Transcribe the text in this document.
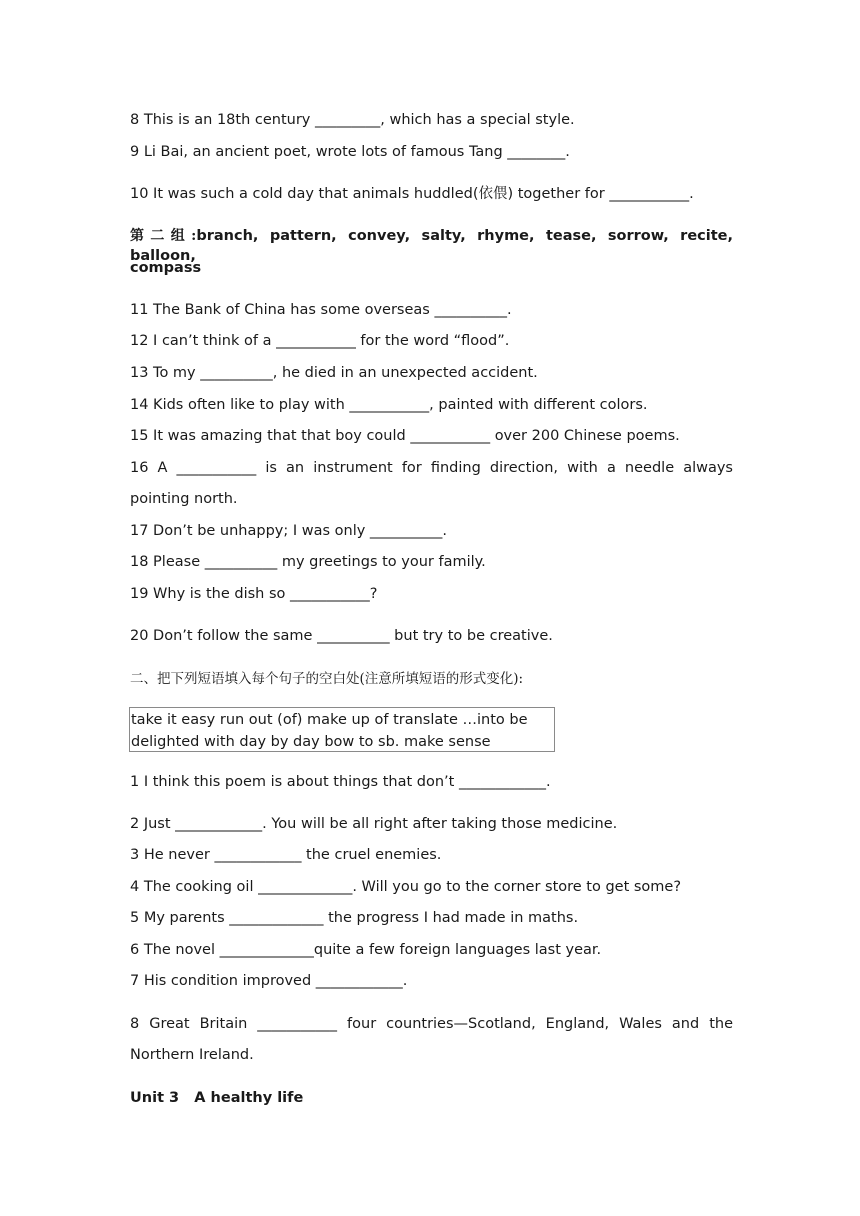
8 This is an 18th century _________, which has a special style.
9 Li Bai, an ancient poet, wrote lots of famous Tang ________.
10 It was such a cold day that animals huddled(依偎) together for ___________.
第二组:branch, pattern, convey, salty, rhyme, tease, sorrow, recite, balloon,
compass
11 The Bank of China has some overseas __________.
12 I can’t think of a ___________ for the word “flood”.
13 To my __________, he died in an unexpected accident.
14 Kids often like to play with ___________, painted with different colors.
15 It was amazing that that boy could ___________ over 200 Chinese poems.
16 A ___________ is an instrument for finding direction, with a needle always
pointing north.
17 Don’t be unhappy; I was only __________.
18 Please __________ my greetings to your family.
19 Why is the dish so ___________?
20 Don’t follow the same __________ but try to be creative.
二、把下列短语填入每个句子的空白处(注意所填短语的形式变化):
take it easy run out (of) make up of translate …into be
delighted with day by day bow to sb. make sense
1 I think this poem is about things that don’t ____________.
2 Just ____________. You will be all right after taking those medicine.
3 He never ____________ the cruel enemies.
4 The cooking oil _____________. Will you go to the corner store to get some?
5 My parents _____________ the progress I had made in maths.
6 The novel _____________quite a few foreign languages last year.
7 His condition improved ____________.
8 Great Britain ___________ four countries—Scotland, England, Wales and the
Northern Ireland.
Unit 3   A healthy life
